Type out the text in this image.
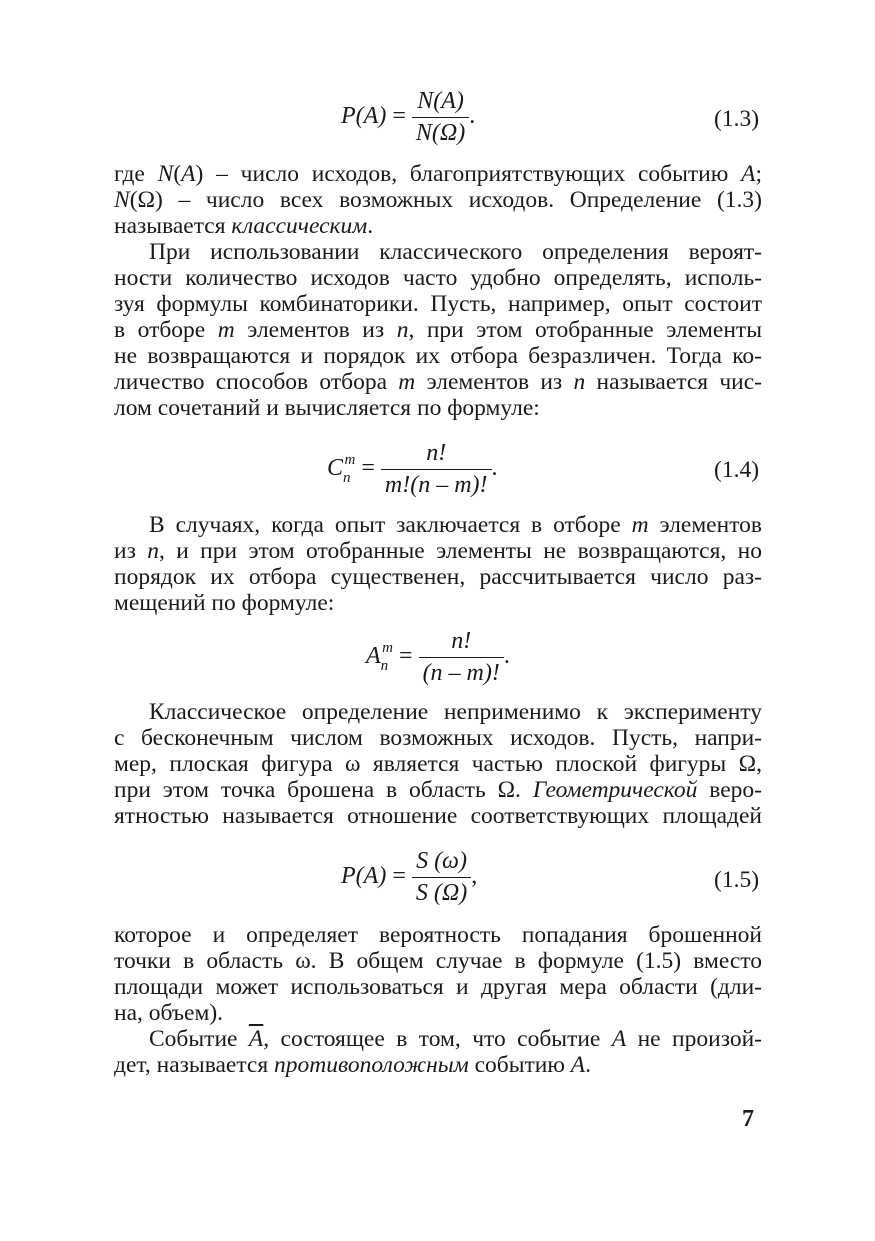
$P(A) = \frac{N(A)}{N(\Omega)}$ .	(1.3)
где N(A) – число исходов, благоприятствующих событию A;
N(Ω) – число всех возможных исходов. Определение (1.3)
называется классическим.
При использовании классического определения вероят-
ности количество исходов часто удобно определять, исполь-
зуя формулы комбинаторики. Пусть, например, опыт состоит
в отборе m элементов из n, при этом отобранные элементы
не возвращаются и порядок их отбора безразличен. Тогда ко-
личество способов отбора m элементов из n называется чис-
лом сочетаний и вычисляется по формуле:
$C_n^m = \frac{n!}{m!(n - m)!}$ .	(1.4)
В случаях, когда опыт заключается в отборе m элементов
из n, и при этом отобранные элементы не возвращаются, но
порядок их отбора существенен, рассчитывается число раз-
мещений по формуле:
$A_n^m = \frac{n!}{(n - m)!}$ .
Классическое определение неприменимо к эксперименту
с бесконечным числом возможных исходов. Пусть, напри-
мер, плоская фигура ω является частью плоской фигуры Ω,
при этом точка брошена в область Ω. Геометрической веро-
ятностью называется отношение соответствующих площадей
$P(A) = \frac{S (\omega)}{S (\Omega)}$ ,	(1.5)
которое и определяет вероятность попадания брошенной
точки в область ω. В общем случае в формуле (1.5) вместо
площади может использоваться и другая мера области (дли-
на, объем).
Событие $\overline{A}$, состоящее в том, что событие A не произой-
дет, называется противоположным событию A.
7
